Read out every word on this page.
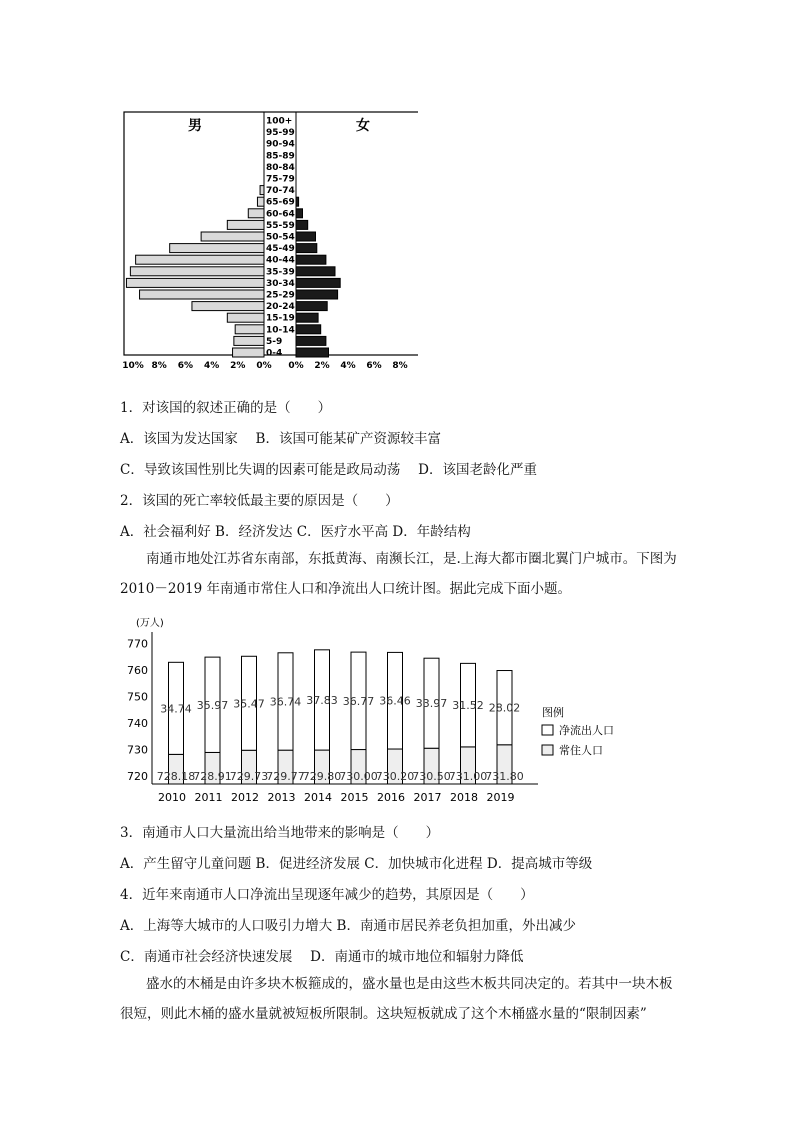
男	女
100+
95-99
90-94
85-89
80-84
75-79
70-74
65-69
60-64
55-59
50-54
45-49
40-44
35-39
30-34
25-29
20-24
15-19
10-14
5-9
0-4
10% 8% 6% 4% 2% 0% 0% 2% 4% 6% 8%
1．对该国的叙述正确的是（　　）
A．该国为发达国家　 B．该国可能某矿产资源较丰富
C．导致该国性别比失调的因素可能是政局动荡　 D．该国老龄化严重
2．该国的死亡率较低最主要的原因是（　　）
A．社会福利好 B．经济发达 C．医疗水平高 D．年龄结构
南通市地处江苏省东南部，东抵黄海、南濒长江，是.上海大都市圈北翼门户城市。下图为 2010－2019 年南通市常住人口和净流出人口统计图。据此完成下面小题。
(万人)
770
760
750
740
730
720
34.74
728.18
35.97
728.91
35.47
729.73
36.74
729.77
37.83
729.80
36.77
730.00
36.46
730.20
33.97
730.50
31.52
731.00
28.02
731.80
2010 2011 2012 2013 2014 2015 2016 2017 2018 2019
图例
净流出人口
常住人口
3．南通市人口大量流出给当地带来的影响是（　　）
A．产生留守儿童问题 B．促进经济发展 C．加快城市化进程 D．提高城市等级
4．近年来南通市人口净流出呈现逐年减少的趋势，其原因是（　　）
A．上海等大城市的人口吸引力增大 B．南通市居民养老负担加重，外出减少
C．南通市社会经济快速发展　 D．南通市的城市地位和辐射力降低
盛水的木桶是由许多块木板箍成的，盛水量也是由这些木板共同决定的。若其中一块木板很短，则此木桶的盛水量就被短板所限制。这块短板就成了这个木桶盛水量的“限制因素”
